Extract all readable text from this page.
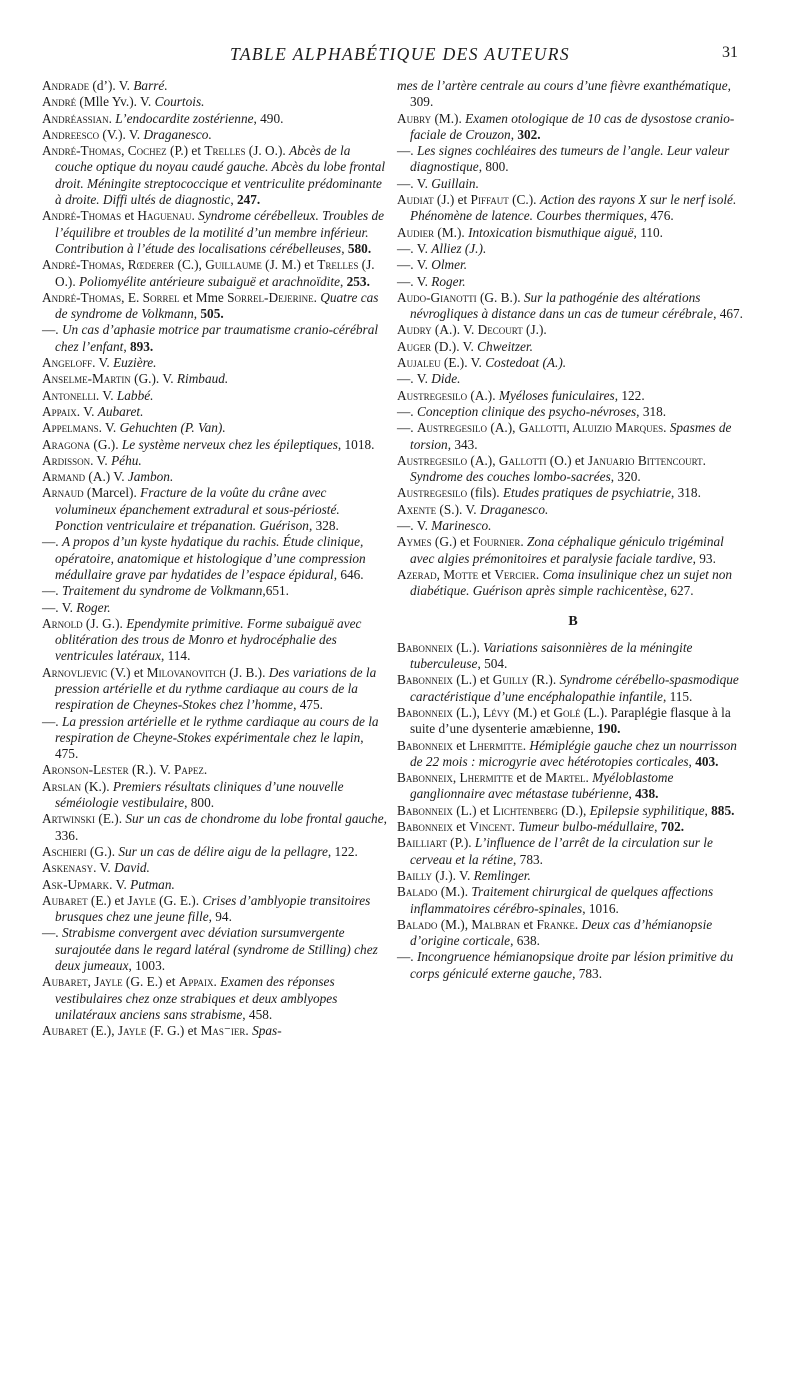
TABLE ALPHABÉTIQUE DES AUTEURS	31

Andrade (d’). V. Barré.

André (Mlle Yv.). V. Courtois.

Andréassian. L’endocardite zostérienne, 490.

Andreesco (V.). V. Draganesco.

André-Thomas, Cochez (P.) et Trelles (J. O.). Abcès de la couche optique du noyau caudé gauche. Abcès du lobe frontal droit. Méningite streptococcique et ventriculite prédominante à droite. Diffi ultés de diagnostic, 247.

André-Thomas et Haguenau. Syndrome cérébelleux. Troubles de l’équilibre et troubles de la motilité d’un membre inférieur. Contribution à l’étude des localisations cérébelleuses, 580.

André-Thomas, Rœderer (C.), Guillaume (J. M.) et Trelles (J. O.). Poliomyélite antérieure subaiguë et arachnoïdite, 253.

André-Thomas, E. Sorrel et Mme Sorrel-Dejerine. Quatre cas de syndrome de Volkmann, 505.

—. Un cas d’aphasie motrice par traumatisme cranio-cérébral chez l’enfant, 893.

Angeloff. V. Euzière.

Anselme-Martin (G.). V. Rimbaud.

Antonelli. V. Labbé.

Appaix. V. Aubaret.

Appelmans. V. Gehuchten (P. Van).

Aragona (G.). Le système nerveux chez les épileptiques, 1018.

Ardisson. V. Péhu.

Armand (A.) V. Jambon.

Arnaud (Marcel). Fracture de la voûte du crâne avec volumineux épanchement extradural et sous-périosté. Ponction ventriculaire et trépanation. Guérison, 328.

—. A propos d’un kyste hydatique du rachis. Étude clinique, opératoire, anatomique et histologique d’une compression médullaire grave par hydatides de l’espace épidural, 646.

—. Traitement du syndrome de Volkmann,651.

—. V. Roger.

Arnold (J. G.). Ependymite primitive. Forme subaiguë avec oblitération des trous de Monro et hydrocéphalie des ventricules latéraux, 114.

Arnovljevic (V.) et Milovanovitch (J. B.). Des variations de la pression artérielle et du rythme cardiaque au cours de la respiration de Cheynes-Stokes chez l’homme, 475.

—. La pression artérielle et le rythme cardiaque au cours de la respiration de Cheyne-Stokes expérimentale chez le lapin, 475.

Aronson-Lester (R.). V. Papez.

Arslan (K.). Premiers résultats cliniques d’une nouvelle séméiologie vestibulaire, 800.

Artwinski (E.). Sur un cas de chondrome du lobe frontal gauche, 336.

Aschieri (G.). Sur un cas de délire aigu de la pellagre, 122.

Askenasy. V. David.

Ask-Upmark. V. Putman.

Aubaret (E.) et Jayle (G. E.). Crises d’amblyopie transitoires brusques chez une jeune fille, 94.

—. Strabisme convergent avec déviation sursumvergente surajoutée dans le regard latéral (syndrome de Stilling) chez deux jumeaux, 1003.

Aubaret, Jayle (G. E.) et Appaix. Examen des réponses vestibulaires chez onze strabiques et deux amblyopes unilatéraux anciens sans strabisme, 458.

Aubaret (E.), Jayle (F. G.) et Mas⁻ier. Spas-

mes de l’artère centrale au cours d’une fièvre exanthématique, 309.

Aubry (M.). Examen otologique de 10 cas de dysostose cranio-faciale de Crouzon, 302.

—. Les signes cochléaires des tumeurs de l’angle. Leur valeur diagnostique, 800.

—. V. Guillain.

Audiat (J.) et Piffaut (C.). Action des rayons X sur le nerf isolé. Phénomène de latence. Courbes thermiques, 476.

Audier (M.). Intoxication bismuthique aiguë, 110.

—. V. Alliez (J.).

—. V. Olmer.

—. V. Roger.

Audo-Gianotti (G. B.). Sur la pathogénie des altérations névrogliques à distance dans un cas de tumeur cérébrale, 467.

Audry (A.). V. Decourt (J.).

Auger (D.). V. Chweitzer.

Aujaleu (E.). V. Costedoat (A.).

—. V. Dide.

Austregesilo (A.). Myéloses funiculaires, 122.

—. Conception clinique des psycho-névroses, 318.

—. Austregesilo (A.), Gallotti, Aluizio Marques. Spasmes de torsion, 343.

Austregesilo (A.), Gallotti (O.) et Januario Bittencourt. Syndrome des couches lombo-sacrées, 320.

Austregesilo (fils). Etudes pratiques de psychiatrie, 318.

Axente (S.). V. Draganesco.

—. V. Marinesco.

Aymes (G.) et Fournier. Zona céphalique géniculo trigéminal avec algies prémonitoires et paralysie faciale tardive, 93.

Azerad, Motte et Vercier. Coma insulinique chez un sujet non diabétique. Guérison après simple rachicentèse, 627.

B

Babonneix (L.). Variations saisonnières de la méningite tuberculeuse, 504.

Babonneix (L.) et Guilly (R.). Syndrome cérébello-spasmodique caractéristique d’une encéphalopathie infantile, 115.

Babonneix (L.), Lévy (M.) et Golé (L.). Paraplégie flasque à la suite d’une dysenterie amæbienne, 190.

Babonneix et Lhermitte. Hémiplégie gauche chez un nourrisson de 22 mois : microgyrie avec hétérotopies corticales, 403.

Babonneix, Lhermitte et de Martel. Myéloblastome ganglionnaire avec métastase tubérienne, 438.

Babonneix (L.) et Lichtenberg (D.), Epilepsie syphilitique, 885.

Babonneix et Vincent. Tumeur bulbo-médullaire, 702.

Bailliart (P.). L’influence de l’arrêt de la circulation sur le cerveau et la rétine, 783.

Bailly (J.). V. Remlinger.

Balado (M.). Traitement chirurgical de quelques affections inflammatoires cérébro-spinales, 1016.

Balado (M.), Malbran et Franke. Deux cas d’hémianopsie d’origine corticale, 638.

—. Incongruence hémianopsique droite par lésion primitive du corps géniculé externe gauche, 783.
